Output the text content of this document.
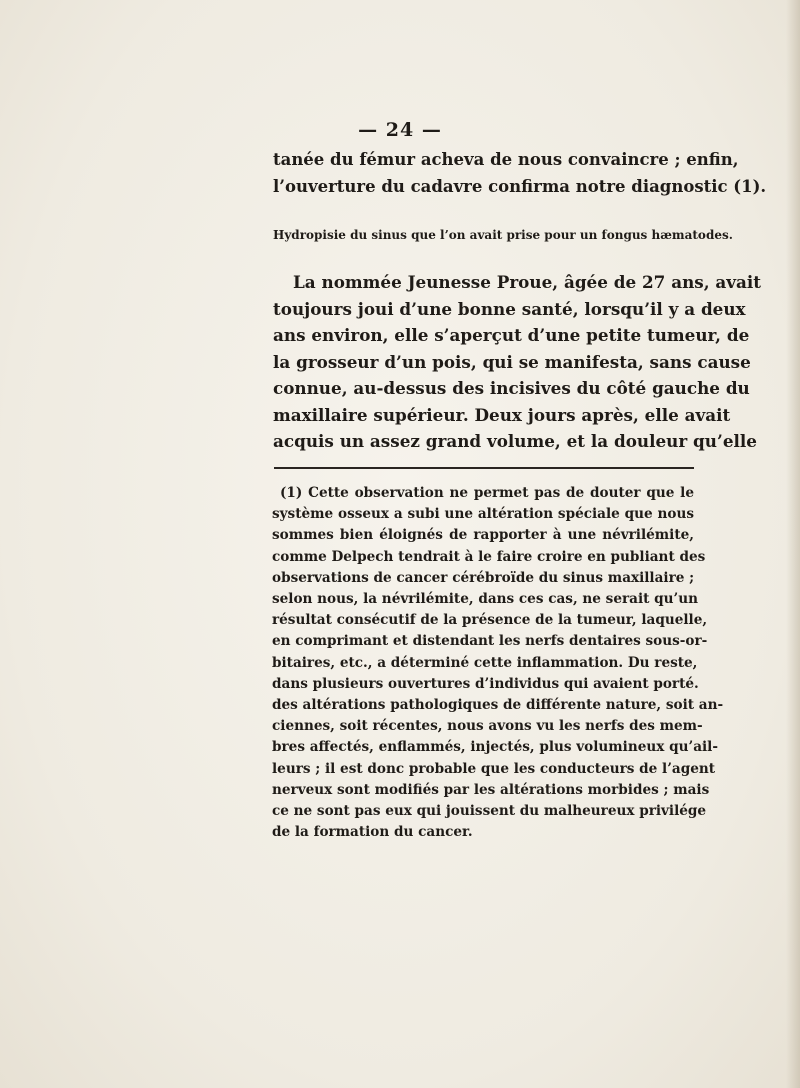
— 24 —
tanée du fémur acheva de nous convaincre ; enfin,
l’ouverture du cadavre confirma notre diagnostic (1).
Hydropisie du sinus que l’on avait prise pour un fongus hæmatodes.
La nommée Jeunesse Proue, âgée de 27 ans, avait
toujours joui d’une bonne santé, lorsqu’il y a deux
ans environ, elle s’aperçut d’une petite tumeur, de
la grosseur d’un pois, qui se manifesta, sans cause
connue, au-dessus des incisives du côté gauche du
maxillaire supérieur. Deux jours après, elle avait
acquis un assez grand volume, et la douleur qu’elle
(1) Cette observation ne permet pas de douter que le
système osseux a subi une altération spéciale que nous
sommes bien éloignés de rapporter à une névrilémite,
comme Delpech tendrait à le faire croire en publiant des
observations de cancer cérébroïde du sinus maxillaire ;
selon nous, la névrilémite, dans ces cas, ne serait qu’un
résultat consécutif de la présence de la tumeur, laquelle,
en comprimant et distendant les nerfs dentaires sous-or-
bitaires, etc., a déterminé cette inflammation. Du reste,
dans plusieurs ouvertures d’individus qui avaient porté.
des altérations pathologiques de différente nature, soit an-
ciennes, soit récentes, nous avons vu les nerfs des mem-
bres affectés, enflammés, injectés, plus volumineux qu’ail-
leurs ; il est donc probable que les conducteurs de l’agent
nerveux sont modifiés par les altérations morbides ; mais
ce ne sont pas eux qui jouissent du malheureux privilége
de la formation du cancer.
